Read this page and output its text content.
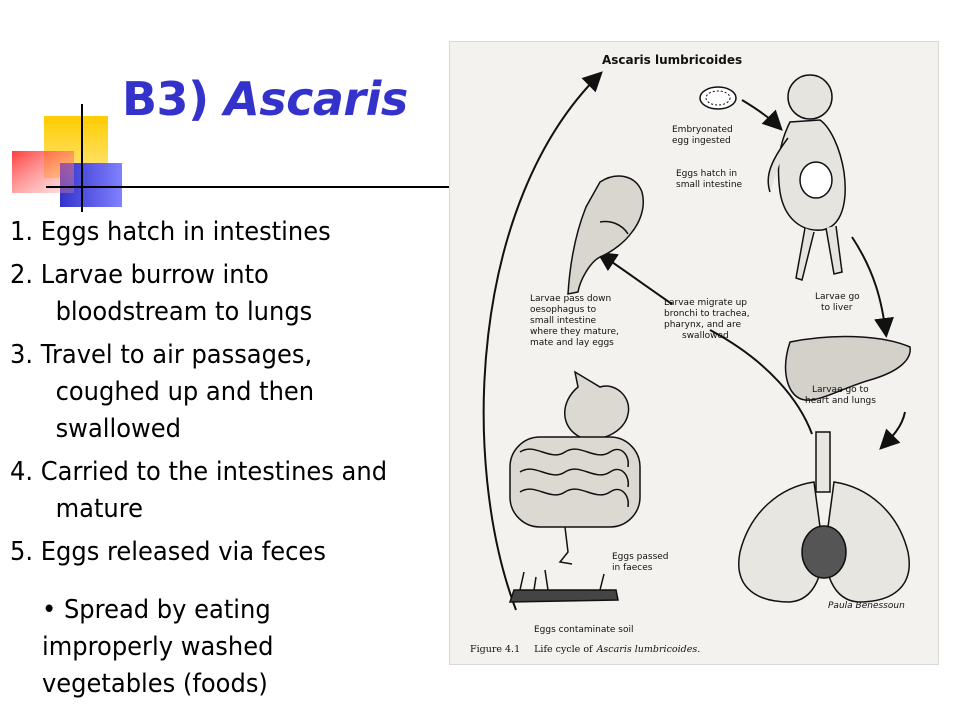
B3) Ascaris
1. Eggs hatch in intestines
2. Larvae burrow into bloodstream to lungs
3. Travel to air passages, coughed up and then swallowed
4. Carried to the intestines and mature
5. Eggs released via feces
• Spread by eating
improperly washed
vegetables (foods)
Ascaris lumbricoides
Embryonated
egg ingested
Eggs hatch in
small intestine
Larvae pass down
oesophagus to
small intestine
where they mature,
mate and lay eggs
Larvae migrate up
bronchi to trachea,
pharynx, and are
swallowed
Larvae go
to liver
Larvae go to
heart and lungs
Eggs passed
in faeces
Eggs contaminate soil
Paula Benessoun
Figure 4.1 Life cycle of Ascaris lumbricoides.
